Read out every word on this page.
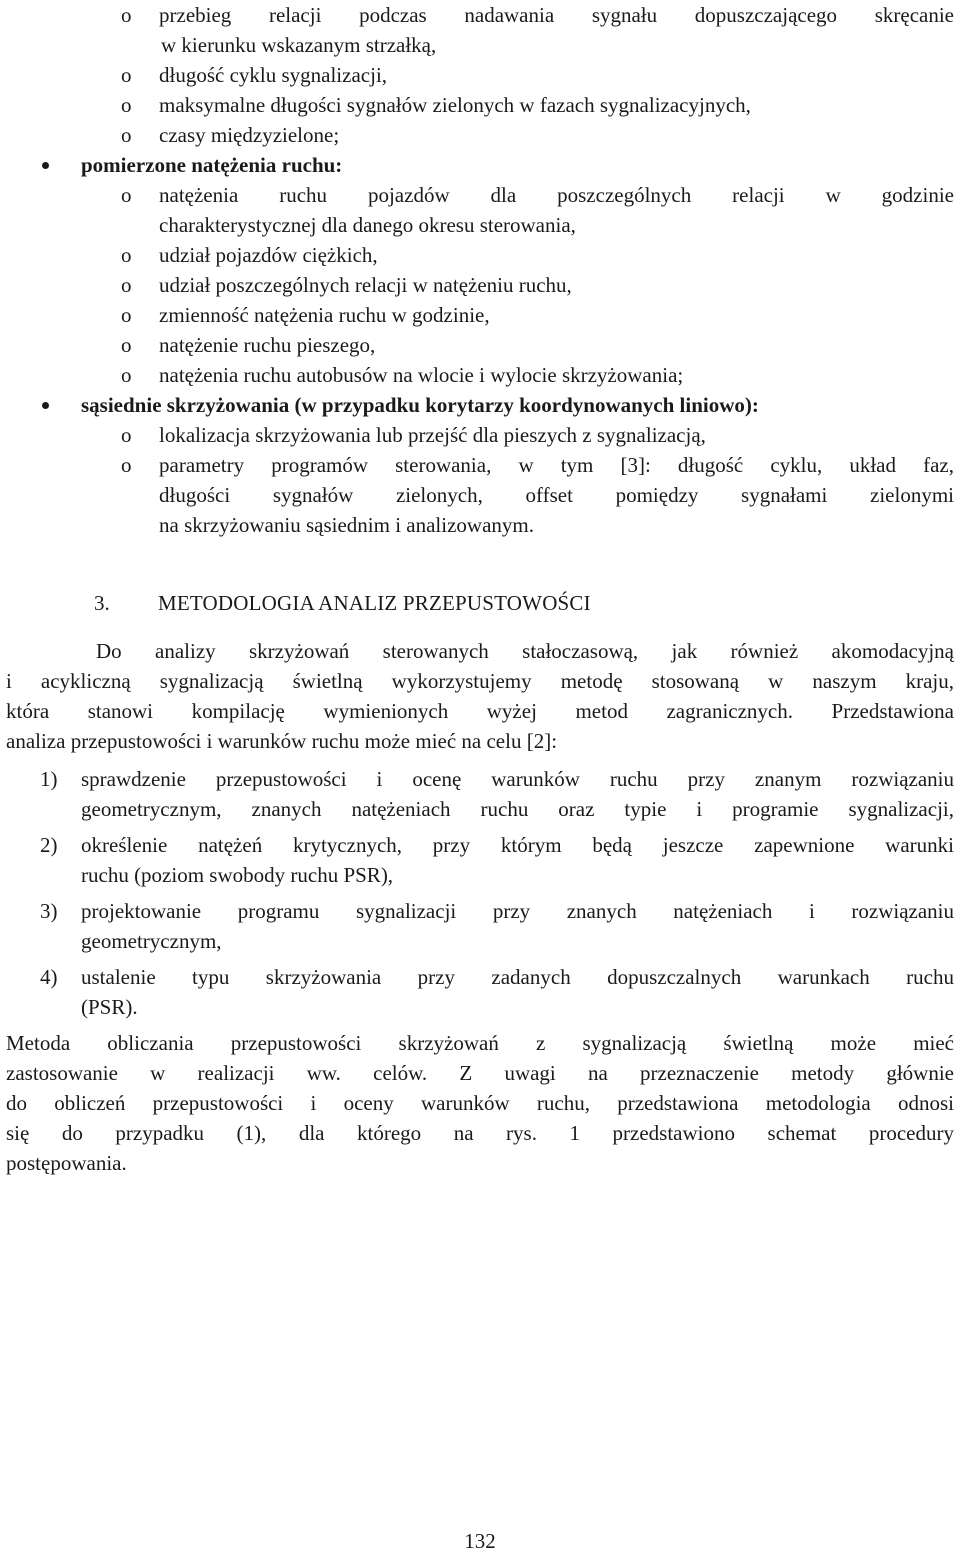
o przebieg relacji podczas nadawania sygnału dopuszczającego skręcanie
w kierunku wskazanym strzałką,
o długość cyklu sygnalizacji,
o maksymalne długości sygnałów zielonych w fazach sygnalizacyjnych,
o czasy międzyzielone;
pomierzone natężenia ruchu:
o natężenia ruchu pojazdów dla poszczególnych relacji w godzinie
charakterystycznej dla danego okresu sterowania,
o udział pojazdów ciężkich,
o udział poszczególnych relacji w natężeniu ruchu,
o zmienność natężenia ruchu w godzinie,
o natężenie ruchu pieszego,
o natężenia ruchu autobusów na wlocie i wylocie skrzyżowania;
sąsiednie skrzyżowania (w przypadku korytarzy koordynowanych liniowo):
o lokalizacja skrzyżowania lub przejść dla pieszych z sygnalizacją,
o parametry programów sterowania, w tym [3]: długość cyklu, układ faz,
długości sygnałów zielonych, offset pomiędzy sygnałami zielonymi
na skrzyżowaniu sąsiednim i analizowanym.
3. METODOLOGIA ANALIZ PRZEPUSTOWOŚCI
Do analizy skrzyżowań sterowanych stałoczasową, jak również akomodacyjną
i acykliczną sygnalizacją świetlną wykorzystujemy metodę stosowaną w naszym kraju,
która stanowi kompilację wymienionych wyżej metod zagranicznych. Przedstawiona
analiza przepustowości i warunków ruchu może mieć na celu [2]:
1) sprawdzenie przepustowości i ocenę warunków ruchu przy znanym rozwiązaniu
geometrycznym, znanych natężeniach ruchu oraz typie i programie sygnalizacji,
2) określenie natężeń krytycznych, przy którym będą jeszcze zapewnione warunki
ruchu (poziom swobody ruchu PSR),
3) projektowanie programu sygnalizacji przy znanych natężeniach i rozwiązaniu
geometrycznym,
4) ustalenie typu skrzyżowania przy zadanych dopuszczalnych warunkach ruchu
(PSR).
Metoda obliczania przepustowości skrzyżowań z sygnalizacją świetlną może mieć
zastosowanie w realizacji ww. celów. Z uwagi na przeznaczenie metody głównie
do obliczeń przepustowości i oceny warunków ruchu, przedstawiona metodologia odnosi
się do przypadku (1), dla którego na rys. 1 przedstawiono schemat procedury
postępowania.
132
